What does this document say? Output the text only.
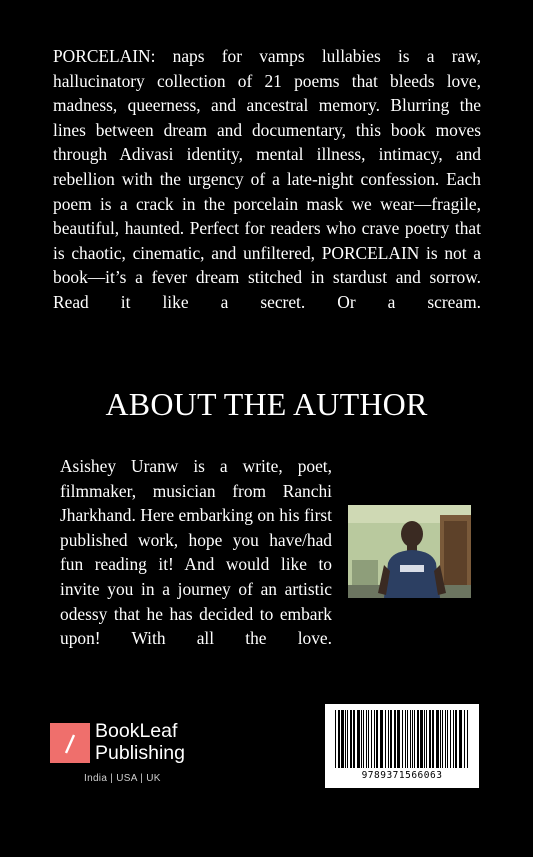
PORCELAIN: naps for vamps lullabies is a raw, hallucinatory collection of 21 poems that bleeds love, madness, queerness, and ancestral memory. Blurring the lines between dream and documentary, this book moves through Adivasi identity, mental illness, intimacy, and rebellion with the urgency of a late-night confession. Each poem is a crack in the porcelain mask we wear—fragile, beautiful, haunted. Perfect for readers who crave poetry that is chaotic, cinematic, and unfiltered, PORCELAIN is not a book—it’s a fever dream stitched in stardust and sorrow. Read it like a secret. Or a scream.

ABOUT THE AUTHOR

Asishey Uranw is a write, poet, filmmaker, musician from Ranchi Jharkhand. Here embarking on his first published work, hope you have/had fun reading it! And would like to invite you in a journey of an artistic odessy that he has decided to embark upon! With all the love.

BookLeaf
Publishing
India | USA | UK	9789371566063
